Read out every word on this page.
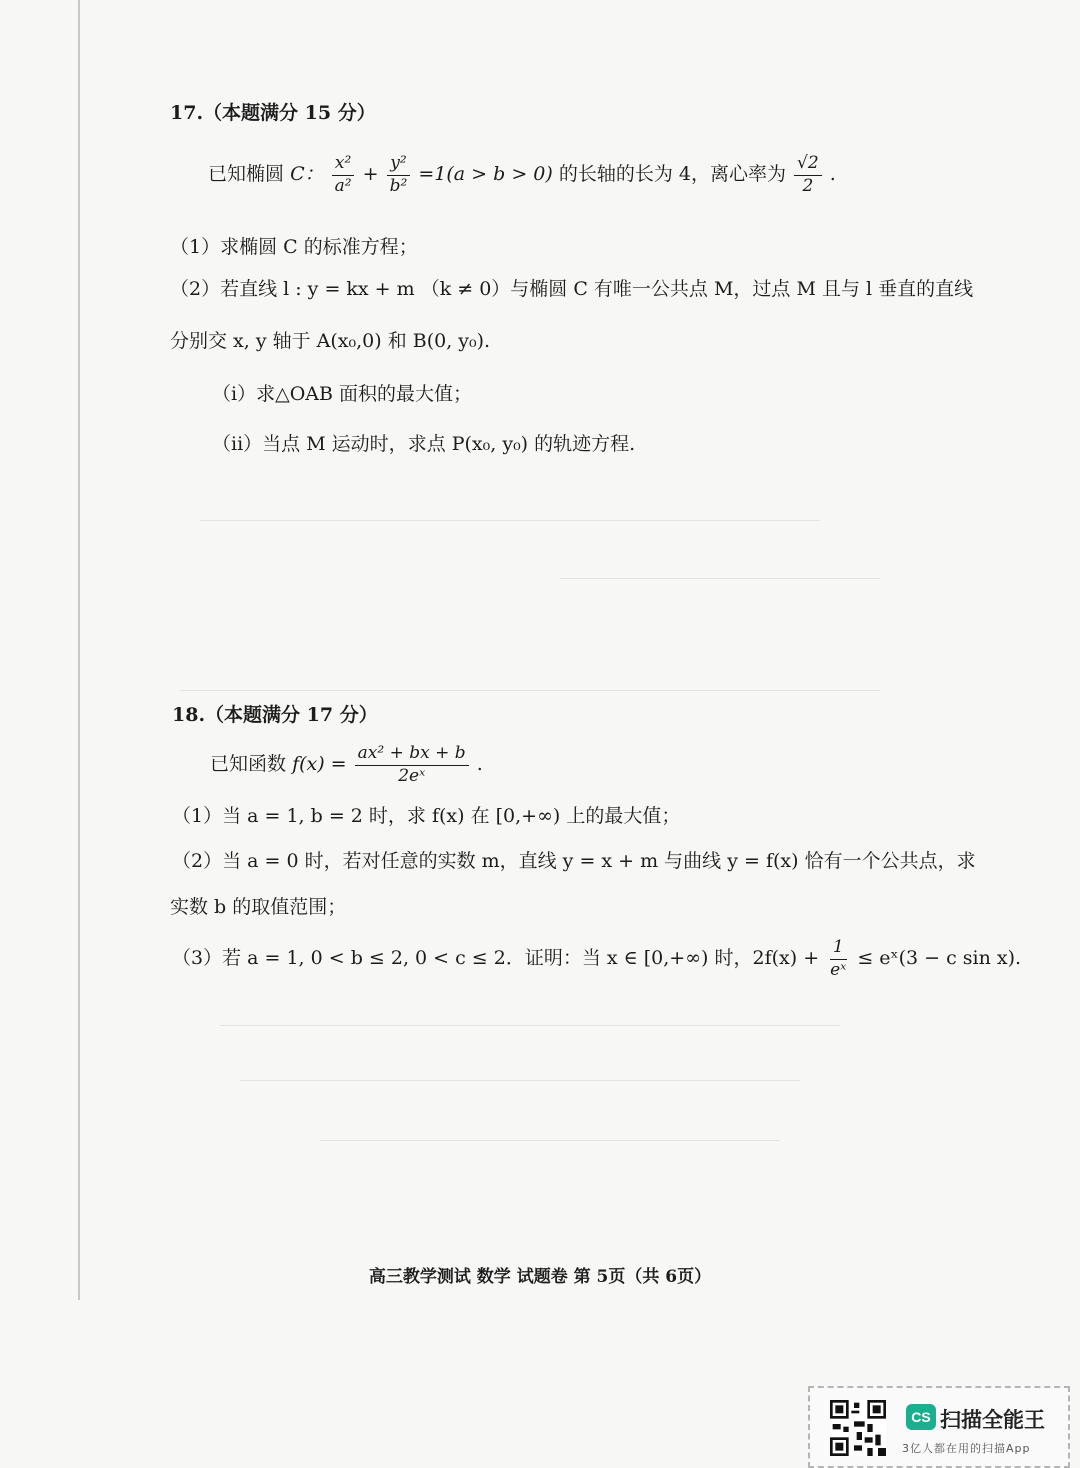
17.（本题满分 15 分）
已知椭圆 C： $\frac{\text{x²}}{\text{a²}} + \frac{\text{y²}}{\text{b²}} =1(a > b > 0)$ 的长轴的长为 4，离心率为 $\frac{√2}{2}$ .
（1）求椭圆 C 的标准方程；
（2）若直线 l : y = kx + m （k ≠ 0）与椭圆 C 有唯一公共点 M，过点 M 且与 l 垂直的直线
分别交 x, y 轴于 A(x₀,0) 和 B(0, y₀).
（i）求△OAB 面积的最大值；
（ii）当点 M 运动时，求点 P(x₀, y₀) 的轨迹方程.
18.（本题满分 17 分）
已知函数 $f(x) = \frac{\text{ax² + bx + b}}{\text{2eˣ}}$ .
（1）当 a = 1, b = 2 时，求 f(x) 在 [0,+∞) 上的最大值；
（2）当 a = 0 时，若对任意的实数 m，直线 y = x + m 与曲线 y = f(x) 恰有一个公共点，求
实数 b 的取值范围；
（3）若 a = 1, 0 < b ≤ 2, 0 < c ≤ 2．证明：当 x ∈ [0,+∞) 时，$2f(x) + \frac{1}{\text{eˣ}}$ ≤ eˣ(3 − c sin x).
高三教学测试 数学 试题卷 第 5页（共 6页）
CS 扫描全能王
3亿人都在用的扫描App
